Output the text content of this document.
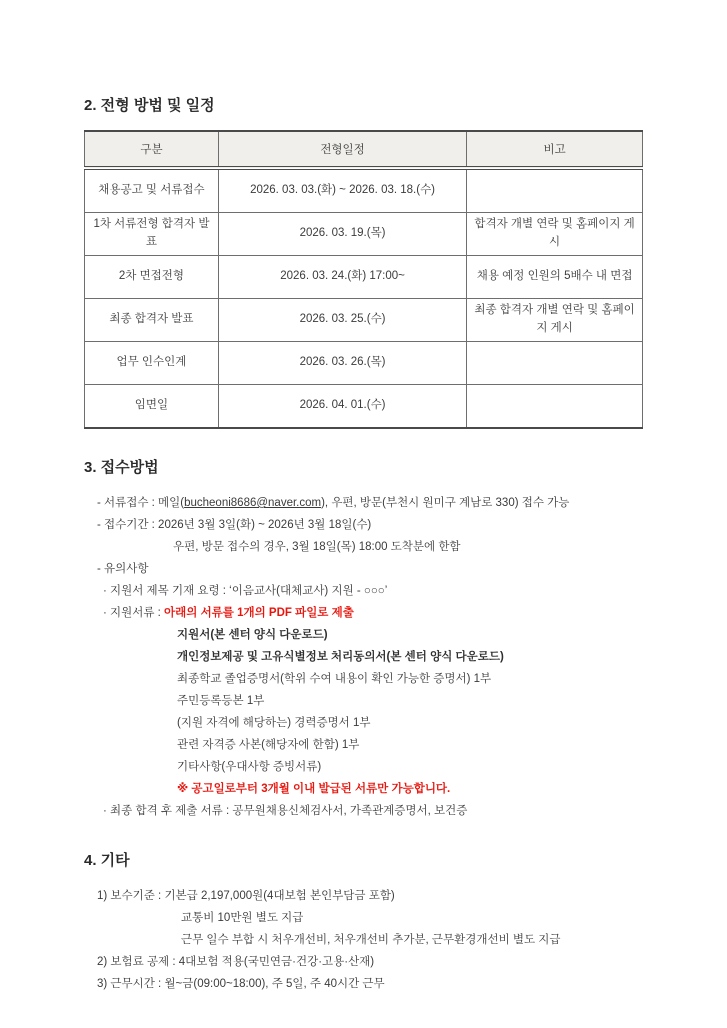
2. 전형 방법 및 일정
구분	전형일정	비고
채용공고 및 서류접수	2026. 03. 03.(화) ~ 2026. 03. 18.(수)	
1차 서류전형 합격자 발표	2026. 03. 19.(목)	합격자 개별 연락 및 홈페이지 게시
2차 면접전형	2026. 03. 24.(화) 17:00~	채용 예정 인원의 5배수 내 면접
최종 합격자 발표	2026. 03. 25.(수)	최종 합격자 개별 연락 및 홈페이지 게시
업무 인수인계	2026. 03. 26.(목)	
임면일	2026. 04. 01.(수)	
3. 접수방법
- 서류접수 : 메일(bucheoni8686@naver.com), 우편, 방문(부천시 원미구 계남로 330) 접수 가능
- 접수기간 : 2026년 3월 3일(화) ~ 2026년 3월 18일(수)
우편, 방문 접수의 경우, 3월 18일(목) 18:00 도착분에 한함
- 유의사항
· 지원서 제목 기재 요령 : ‘이음교사(대체교사) 지원 - ○○○’
· 지원서류 : 아래의 서류를 1개의 PDF 파일로 제출
지원서(본 센터 양식 다운로드)
개인정보제공 및 고유식별정보 처리동의서(본 센터 양식 다운로드)
최종학교 졸업증명서(학위 수여 내용이 확인 가능한 증명서) 1부
주민등록등본 1부
(지원 자격에 해당하는) 경력증명서 1부
관련 자격증 사본(해당자에 한함) 1부
기타사항(우대사항 증빙서류)
※ 공고일로부터 3개월 이내 발급된 서류만 가능합니다.
· 최종 합격 후 제출 서류 : 공무원채용신체검사서, 가족관계증명서, 보건증
4. 기타
1) 보수기준 : 기본급 2,197,000원(4대보험 본인부담금 포함)
교통비 10만원 별도 지급
근무 일수 부합 시 처우개선비, 처우개선비 추가분, 근무환경개선비 별도 지급
2) 보험료 공제 : 4대보험 적용(국민연금·건강·고용·산재)
3) 근무시간 : 월~금(09:00~18:00), 주 5일, 주 40시간 근무
